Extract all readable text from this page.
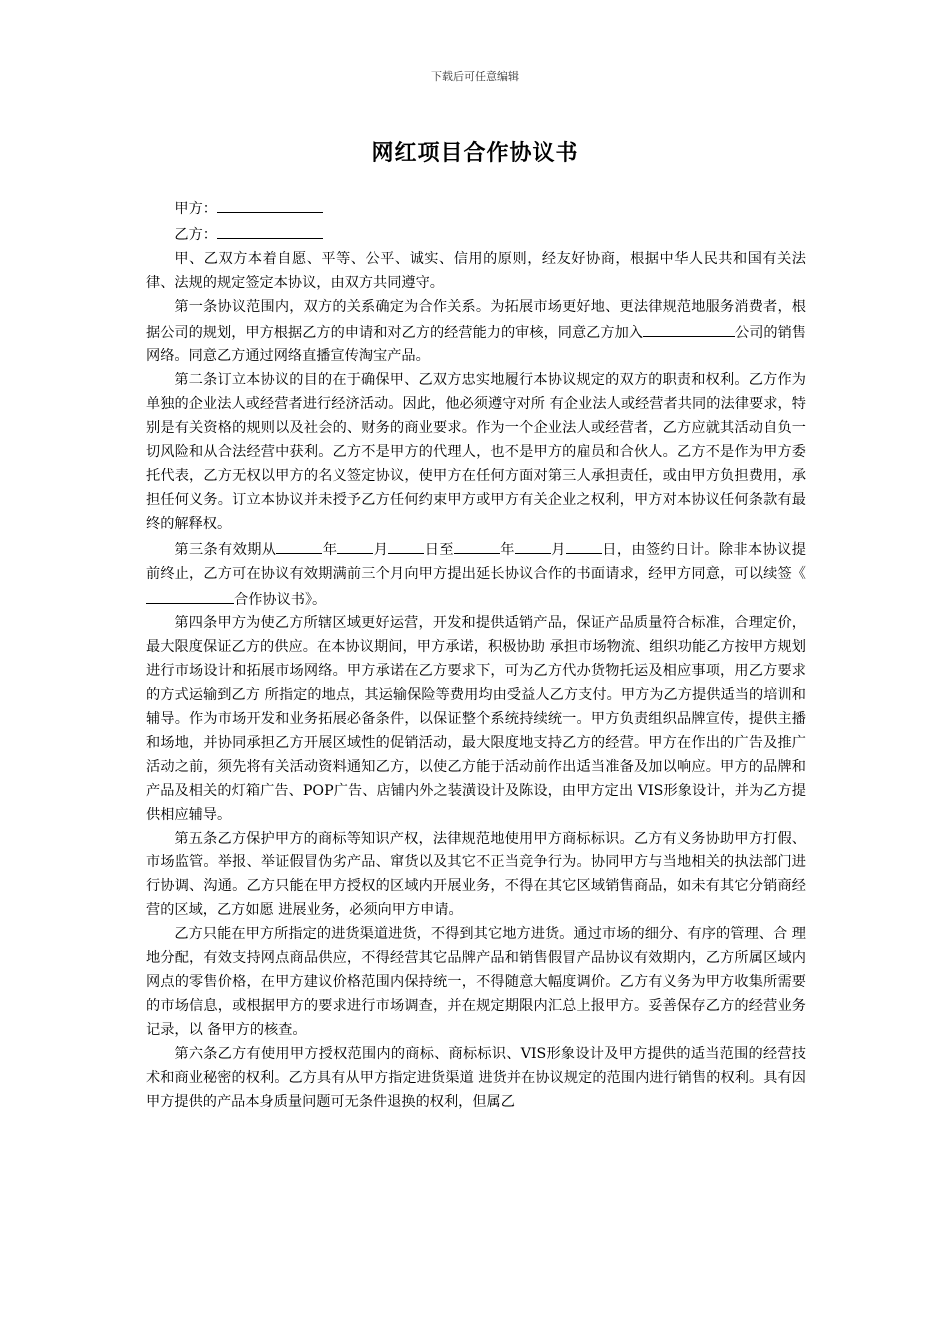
下载后可任意编辑
网红项目合作协议书
甲方：
乙方：

甲、乙双方本着自愿、平等、公平、诚实、信用的原则，经友好协商，根据中华人民共和国有关法律、法规的规定签定本协议，由双方共同遵守。

第一条协议范围内，双方的关系确定为合作关系。为拓展市场更好地、更法律规范地服务消费者，根据公司的规划，甲方根据乙方的申请和对乙方的经营能力的审核，同意乙方加入	公司的销售网络。同意乙方通过网络直播宣传淘宝产品。

第二条订立本协议的目的在于确保甲、乙双方忠实地履行本协议规定的双方的职责和权利。乙方作为单独的企业法人或经营者进行经济活动。因此，他必须遵守对所 有企业法人或经营者共同的法律要求，特别是有关资格的规则以及社会的、财务的商业要求。作为一个企业法人或经营者，乙方应就其活动自负一切风险和从合法经营中获利。乙方不是甲方的代理人，也不是甲方的雇员和合伙人。乙方不是作为甲方委托代表，乙方无权以甲方的名义签定协议，使甲方在任何方面对第三人承担责任，或由甲方负担费用，承担任何义务。订立本协议并未授予乙方任何约束甲方或甲方有关企业之权利，甲方对本协议任何条款有最终的解释权。

第三条有效期从	年	月	日至	年	月	日，由签约日计。除非本协议提前终止，乙方可在协议有效期满前三个月向甲方提出延长协议合作的书面请求，经甲方同意，可以续签《合作协议书》。

第四条甲方为使乙方所辖区域更好运营，开发和提供适销产品，保证产品质量符合标准，合理定价，最大限度保证乙方的供应。在本协议期间，甲方承诺，积极协助 承担市场物流、组织功能乙方按甲方规划进行市场设计和拓展市场网络。甲方承诺在乙方要求下，可为乙方代办货物托运及相应事项，用乙方要求的方式运输到乙方 所指定的地点，其运输保险等费用均由受益人乙方支付。甲方为乙方提供适当的培训和辅导。作为市场开发和业务拓展必备条件，以保证整个系统持续统一。甲方负责组织品牌宣传，提供主播和场地，并协同承担乙方开展区域性的促销活动，最大限度地支持乙方的经营。甲方在作出的广告及推广活动之前，须先将有关活动资料通知乙方，以使乙方能于活动前作出适当准备及加以响应。甲方的品牌和产品及相关的灯箱广告、POP广告、店铺内外之装潢设计及陈设，由甲方定出 VIS形象设计，并为乙方提供相应辅导。

第五条乙方保护甲方的商标等知识产权，法律规范地使用甲方商标标识。乙方有义务协助甲方打假、市场监管。举报、举证假冒伪劣产品、窜货以及其它不正当竞争行为。协同甲方与当地相关的执法部门进行协调、沟通。乙方只能在甲方授权的区域内开展业务，不得在其它区域销售商品，如未有其它分销商经营的区域，乙方如愿 进展业务，必须向甲方申请。

乙方只能在甲方所指定的进货渠道进货，不得到其它地方进货。通过市场的细分、有序的管理、合 理地分配，有效支持网点商品供应，不得经营其它品牌产品和销售假冒产品协议有效期内，乙方所属区域内网点的零售价格，在甲方建议价格范围内保持统一，不得随意大幅度调价。乙方有义务为甲方收集所需要的市场信息，或根据甲方的要求进行市场调查，并在规定期限内汇总上报甲方。妥善保存乙方的经营业务记录，以 备甲方的核查。

第六条乙方有使用甲方授权范围内的商标、商标标识、VIS形象设计及甲方提供的适当范围的经营技术和商业秘密的权利。乙方具有从甲方指定进货渠道 进货并在协议规定的范围内进行销售的权利。具有因甲方提供的产品本身质量问题可无条件退换的权利，但属乙
